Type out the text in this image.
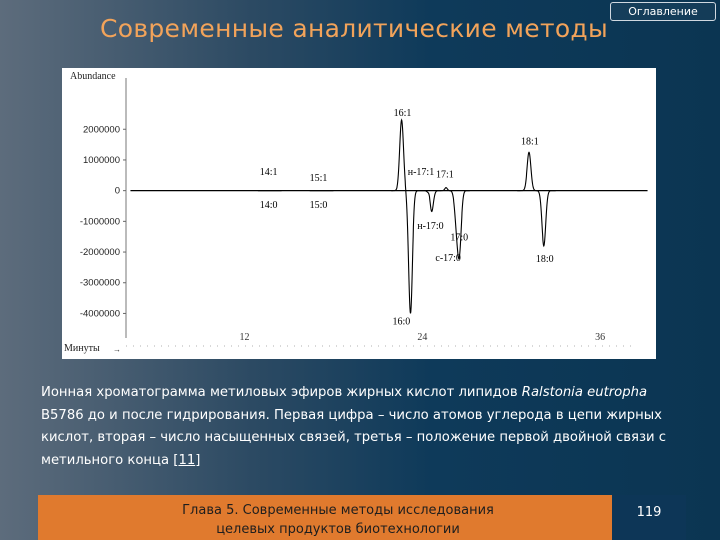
Оглавление
Современные аналитические методы
Abundance
Минуты →
2000000
1000000
0
-1000000
-2000000
-3000000
-4000000
12	24	36
14:1
15:1
16:1
н-17:1 17:1
18:1
14:0	15:0
16:0
н-17:0
17:0
c-17:0	18:0
Ионная хроматограмма метиловых эфиров жирных кислот липидов Ralstonia eutropha B5786 до и после гидрирования. Первая цифра – число атомов углерода в цепи жирных кислот, вторая – число насыщенных связей, третья – положение первой двойной связи с метильного конца [11]
Глава 5. Современные методы исследования
целевых продуктов биотехнологии
119
